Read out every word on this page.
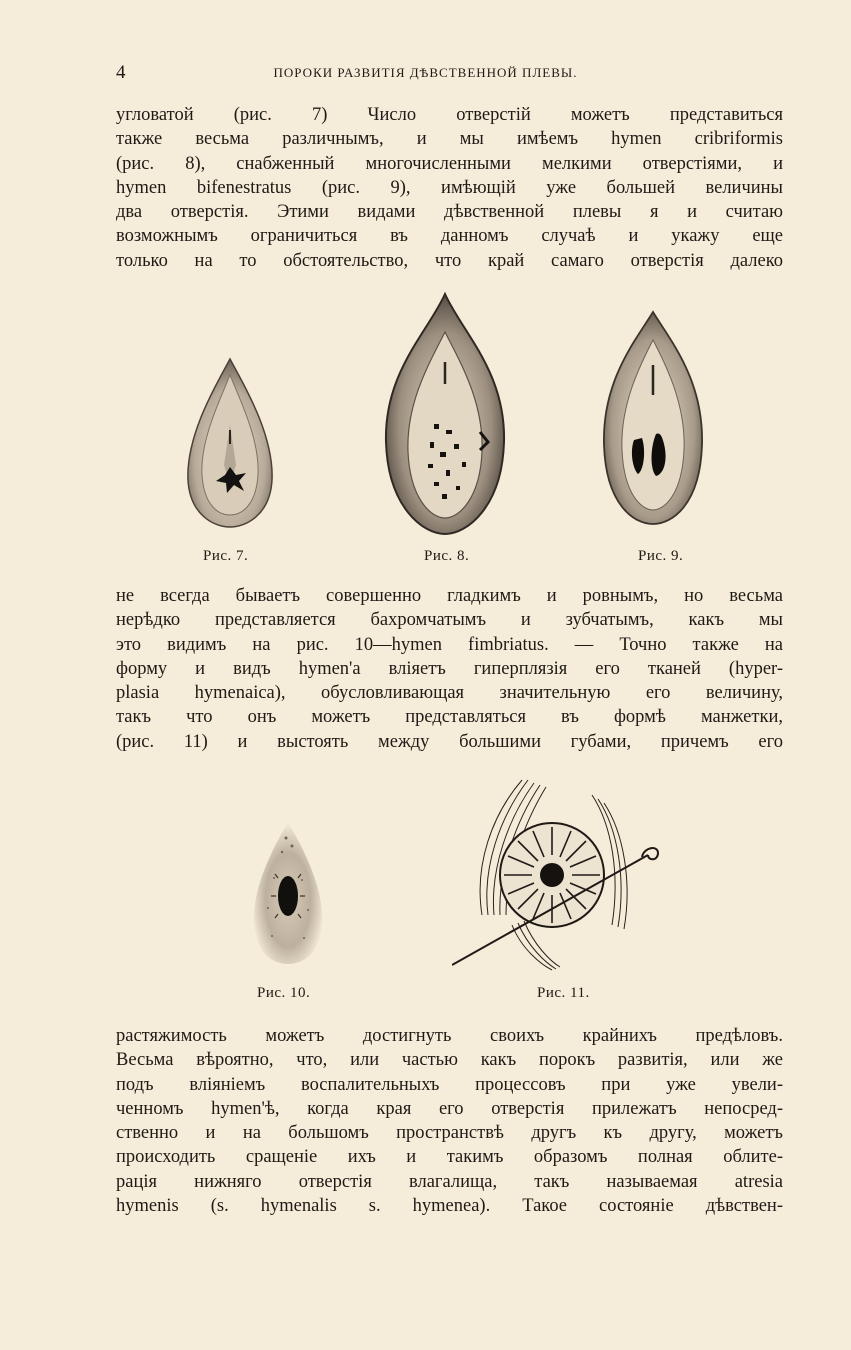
4	ПОРОКИ РАЗВИТІЯ ДѢВСТВЕННОЙ ПЛЕВЫ.
угловатой (рис. 7) Число отверстій можетъ представиться
также весьма различнымъ, и мы имѣемъ hymen cribriformis
(рис. 8), снабженный многочисленными мелкими отверстіями, и
hymen bifenestratus (рис. 9), имѣющій уже большей величины
два отверстія. Этими видами дѣвственной плевы я и считаю
возможнымъ ограничиться въ данномъ случаѣ и укажу еще
только на то обстоятельство, что край самаго отверстія далеко
Рис. 7.	Рис. 8.	Рис. 9.
не всегда бываетъ совершенно гладкимъ и ровнымъ, но весьма
нерѣдко представляется бахромчатымъ и зубчатымъ, какъ мы
это видимъ на рис. 10—hymen fimbriatus. — Точно также на
форму и видъ hymen'а вліяетъ гиперплязія его тканей (hyper-
plasia hymenaica), обусловливающая значительную его величину,
такъ что онъ можетъ представляться въ формѣ манжетки,
(рис. 11) и выстоять между большими губами, причемъ его
Рис. 10.	Рис. 11.
растяжимость можетъ достигнуть своихъ крайнихъ предѣловъ.
Весьма вѣроятно, что, или частью какъ порокъ развитія, или же
подъ вліяніемъ воспалительныхъ процессовъ при уже увели-
ченномъ hymen'ѣ, когда края его отверстія прилежатъ непосред-
ственно и на большомъ пространствѣ другъ къ другу, можетъ
происходить сращеніе ихъ и такимъ образомъ полная облите-
рація нижняго отверстія влагалища, такъ называемая atresia
hymenis (s. hymenalis s. hymenea). Такое состояніе дѣвствен-
